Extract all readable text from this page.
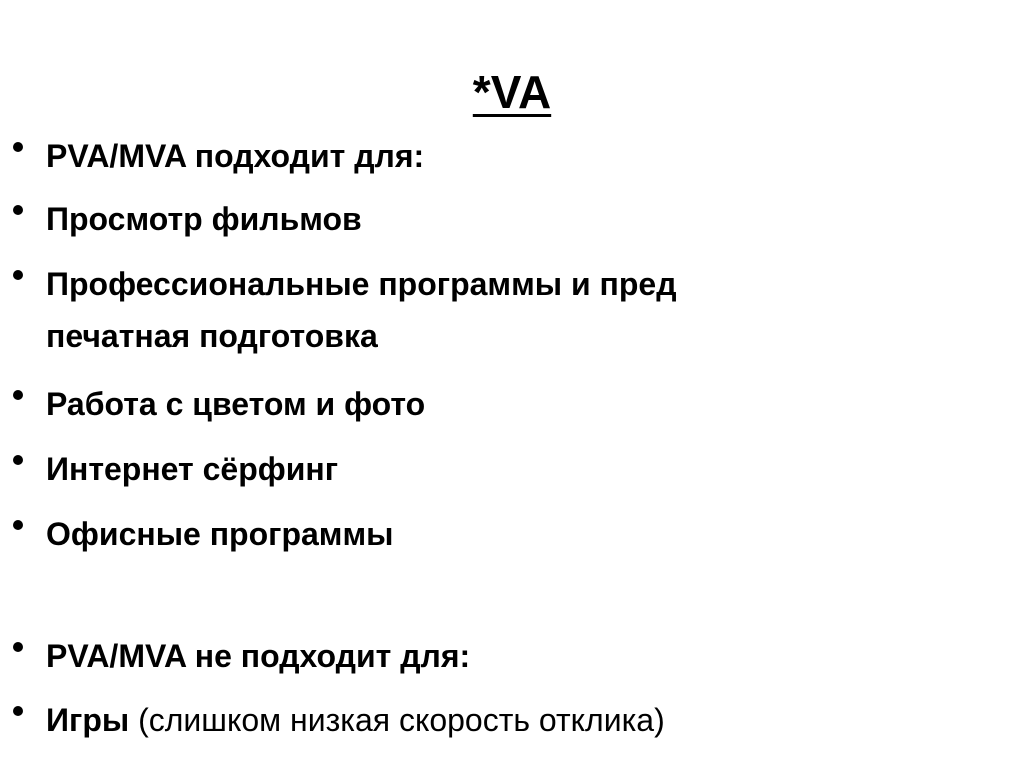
*VA
PVA/MVA подходит для:
Просмотр фильмов
Профессиональные программы и пред
печатная подготовка
Работа с цветом и фото
Интернет сёрфинг
Офисные программы
PVA/MVA не подходит для:
Игры (слишком низкая скорость отклика)
